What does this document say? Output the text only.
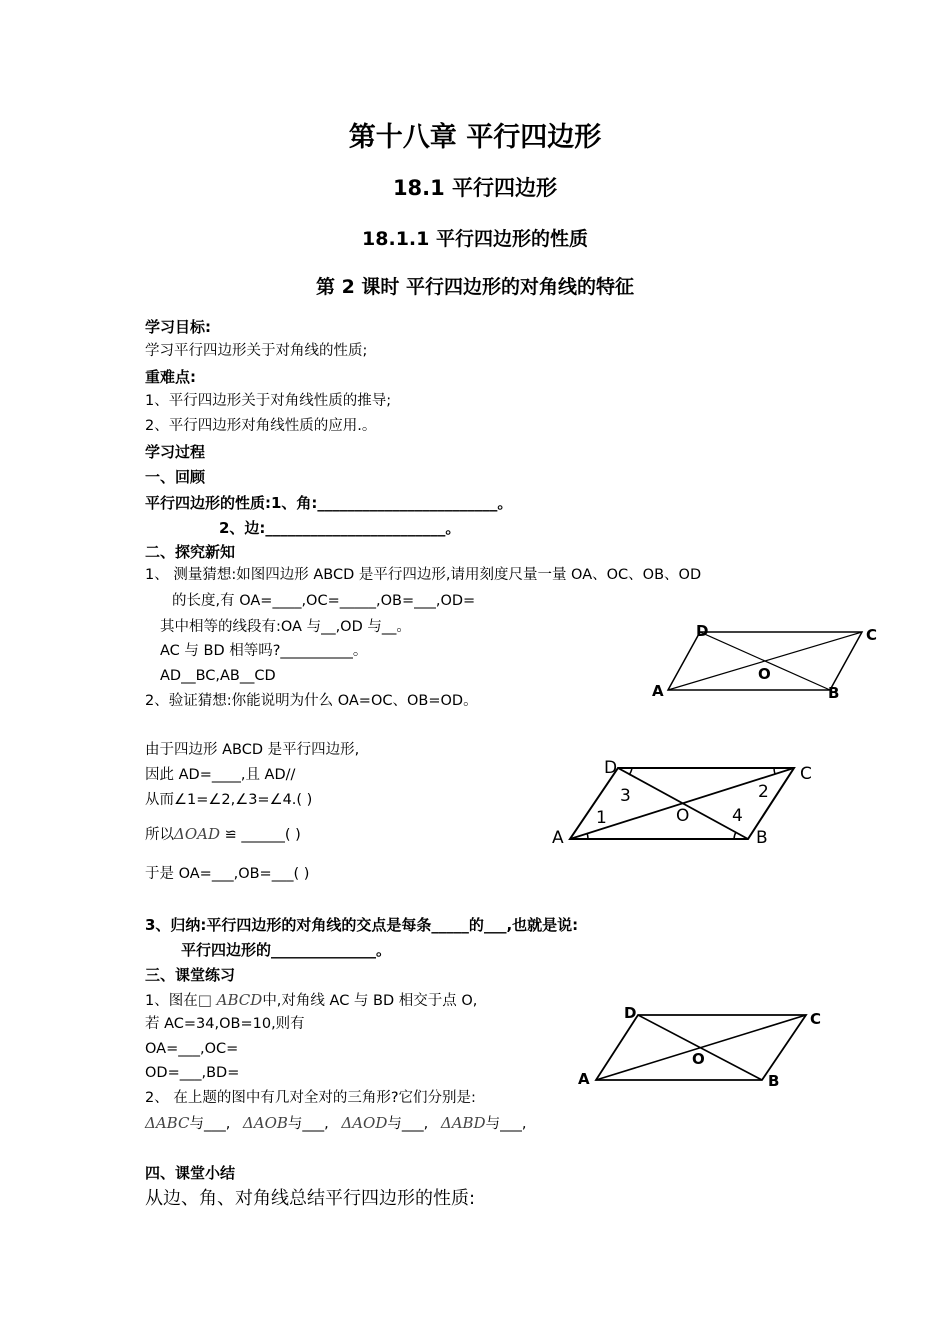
第十八章 平行四边形
18.1 平行四边形
18.1.1 平行四边形的性质
第 2 课时 平行四边形的对角线的特征
学习目标:
学习平行四边形关于对角线的性质;
重难点:
1、平行四边形关于对角线性质的推导;
2、平行四边形对角线性质的应用.。
学习过程
一、回顾
平行四边形的性质:1、角:________________________。
2、边:________________________。
二、探究新知
1、 测量猜想:如图四边形 ABCD 是平行四边形,请用刻度尺量一量 OA、OC、OB、OD
的长度,有 OA=____,OC=_____,OB=___,OD=
其中相等的线段有:OA 与__,OD 与__。
AC 与 BD 相等吗?__________。
AD__BC,AB__CD
2、验证猜想:你能说明为什么 OA=OC、OB=OD。
A	B
C
D
O
由于四边形 ABCD 是平行四边形,
因此 AD=____,且 AD//
从而∠1=∠2,∠3=∠4.( )
所以ΔOAD ≌ ______( )
于是 OA=___,OB=___( )
A	B
C
D
O
1
2
3
4
3、归纳:平行四边形的对角线的交点是每条_____的___,也就是说:
平行四边形的______________。
三、课堂练习
1、图在□ ABCD中,对角线 AC 与 BD 相交于点 O,
若 AC=34,OB=10,则有
OA=___,OC=
OD=___,BD=
2、 在上题的图中有几对全对的三角形?它们分别是:
ΔABC与___, ΔAOB与___, ΔAOD与___, ΔABD与___,
A	B
C
D
O
四、课堂小结
从边、角、对角线总结平行四边形的性质:
